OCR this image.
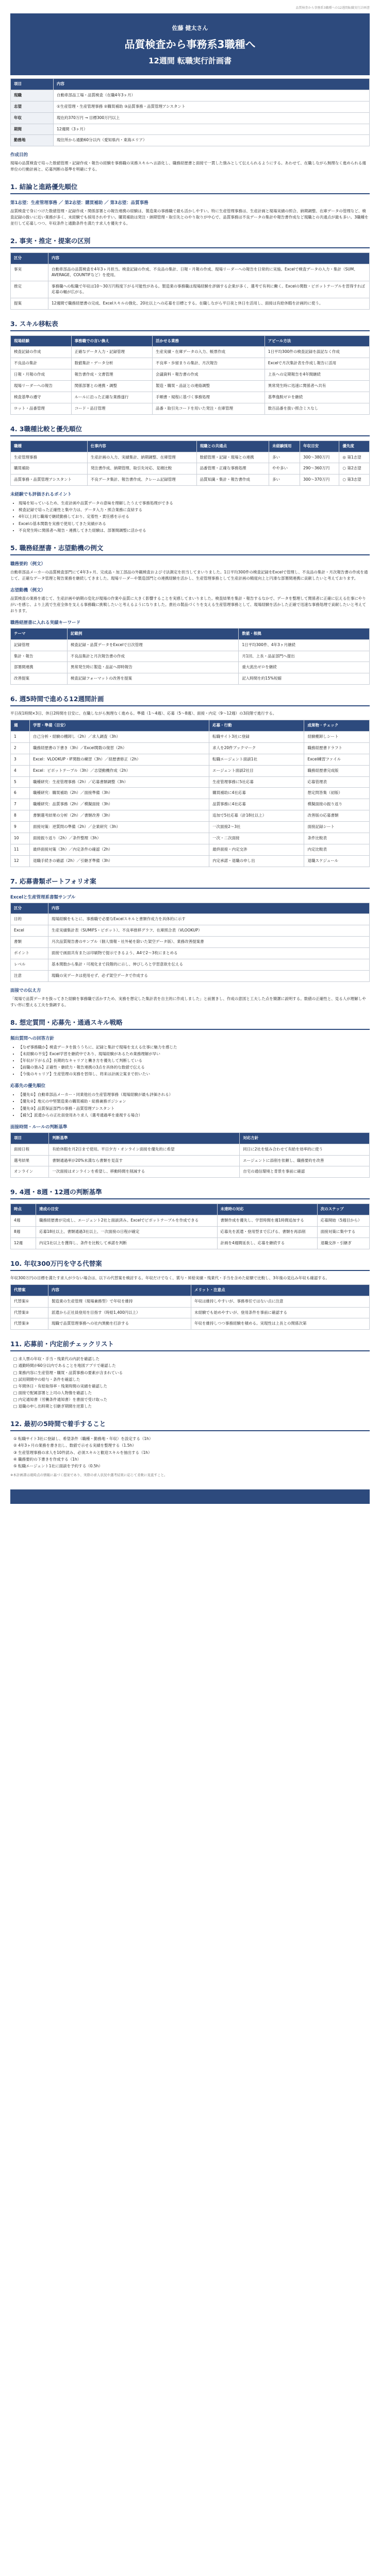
品質検査から事務系3職種への12週間転職実行計画書
佐藤 健太さん
品質検査から事務系3職種へ
12週間 転職実行計画書
項目	内容
現職	自動車部品工場・品質検査（在職4年3ヶ月）
志望	①生産管理・生産管理事務 ②購買補助 ③品質事務・品質管理アシスタント
年収	現在約370万円 → 目標300万円以上
期間	12週間（3ヶ月）
勤務地	現住所から通勤60分以内（愛知県内・東海エリア）
作成目的

現場の品質検査で培った数値管理・記録作成・報告の経験を事務職の実務スキルへ言語化し、職務経歴書と面接で一貫した強みとして伝えられるようにする。あわせて、在職しながら無理なく進められる週単位の行動計画と、応募判断の基準を明確にする。

1. 結論と進路優先順位
第1志望：生産管理事務 ／ 第2志望：購買補助 ／ 第3志望：品質事務

品質検査で身につけた数値管理・記録作成・関係部署との報告連携の経験は、製造業の事務職で最も活かしやすい。特に生産管理事務は、生産計画と現場実績の照合、納期調整、在庫データの管理など、検査記録の扱いに近い業務が多く、未経験でも採用されやすい。購買補助は発注・納期管理・取引先とのやり取りが中心で、品質事務は不良データの集計や報告書作成など現職との共通点が最も多い。3職種を並行して応募しつつ、年収条件と通勤条件を満たす求人を優先する。

2. 事実・推定・提案の区別
区分	内容
事実	自動車部品の品質検査を4年3ヶ月担当。検査記録の作成、不良品の集計、日報・月報の作成、現場リーダーへの報告を日常的に実施。Excelで検査データの入力・集計（SUM、AVERAGE、COUNTIFなど）を使用。
推定	事務職への転職で年収は10〜30万円程度下がる可能性がある。製造業の事務職は現場経験を評価する企業が多く、選考で有利に働く。Excelの関数・ピボットテーブルを習得すれば応募の幅が広がる。
提案	12週間で職務経歴書の完成、Excelスキルの強化、20社以上への応募を目標とする。在職しながら平日夜と休日を活用し、面接は有給休暇を計画的に使う。
3. スキル移転表
現場経験	事務職での言い換え	活かせる業務	アピール方法
検査記録の作成	正確なデータ入力・記録管理	生産実績・在庫データの入力、帳票作成	1日平均300件の検査記録を誤記なく作成
不良品の集計	数値集計・データ分析	不良率・歩留まりの集計、月次報告	Excelで月次集計表を作成し報告に活用
日報・月報の作成	報告書作成・文書管理	会議資料・報告書の作成	上長への定期報告を4年間継続
現場リーダーへの報告	関係部署との連携・調整	製造・購買・品証との連絡調整	異常発生時に迅速に関係者へ共有
検査基準の遵守	ルールに沿った正確な業務遂行	手順書・規程に基づく事務処理	基準逸脱ゼロを継続
ロット・品番管理	コード・品目管理	品番・取引先コードを用いた発注・在庫管理	数百品番を扱い照合ミスなし
4. 3職種比較と優先順位
職種	仕事内容	現職との共通点	未経験採用	年収目安	優先度
生産管理事務	生産計画の入力、実績集計、納期調整、在庫管理	数値管理・記録・現場との連携	多い	300〜380万円	◎ 第1志望
購買補助	発注書作成、納期管理、取引先対応、見積比較	品番管理・正確な事務処理	やや多い	290〜360万円	○ 第2志望
品質事務・品質管理アシスタント	不良データ集計、報告書作成、クレーム記録管理	品質知識・集計・報告書作成	多い	300〜370万円	○ 第3志望
未経験でも評価されるポイント
• 現場を知っているため、生産計画や品質データの意味を理解したうえで事務処理ができる
• 検査記録で培った正確性と集中力は、データ入力・照合業務に直結する
• 4年以上同じ職場で継続勤務しており、定着性・責任感を示せる
• Excelの基本関数を実務で使用してきた実績がある
• 不良発生時に関係者へ報告・連携してきた経験は、部署間調整に活かせる
5. 職務経歴書・志望動機の例文
職務要約（例文）

自動車部品メーカーの品質検査部門にて4年3ヶ月、完成品・加工部品の外観検査および寸法測定を担当してまいりました。1日平均300件の検査記録をExcelで管理し、不良品の集計・月次報告書の作成を通じて、正確なデータ管理と報告業務を継続してきました。現場リーダーや製造部門との連携経験を活かし、生産管理事務として生産計画の精度向上と円滑な部署間連携に貢献したいと考えております。

志望動機（例文）

品質検査の業務を通じて、生産計画や納期の変化が現場の作業や品質に大きく影響することを実感してまいりました。検査結果を集計・報告するなかで、データを整理して関係者に正確に伝える仕事にやりがいを感じ、より上流で生産全体を支える事務職に挑戦したいと考えるようになりました。貴社の製品づくりを支える生産管理事務として、現場経験を活かした正確で迅速な事務処理で貢献したいと考えております。

職務経歴書に入れる実績キーワード
テーマ	記載例	数値・根拠
記録管理	検査記録・品質データをExcelで日次管理	1日平均300件、4年3ヶ月継続
集計・報告	不良品集計と月次報告書の作成	月1回、上長・品証部門へ提出
部署間連携	異常発生時に製造・品証へ即時報告	重大流出ゼロを継続
改善提案	検査記録フォーマットの改善を提案	記入時間を約15%短縮
6. 週5時間で進める12週間計画

平日夜1時間×3日、休日2時間を目安に、在職しながら無理なく進める。準備（1〜4週）、応募（5〜8週）、面接・内定（9〜12週）の3段階で進行する。

週	学習・準備（目安）	応募・行動	成果物・チェック
1	自己分析・経験の棚卸し（2h）／求人調査（3h）	転職サイト3社に登録	経験棚卸しシート
2	職務経歴書の下書き（3h）／Excel関数の復習（2h）	求人を20件ブックマーク	職務経歴書ドラフト
3	Excel：VLOOKUP・IF関数の練習（3h）／経歴書修正（2h）	転職エージェント面談1社	Excel練習ファイル
4	Excel：ピボットテーブル（3h）／志望動機作成（2h）	エージェント面談2社目	職務経歴書完成版
5	職種研究：生産管理事務（2h）／応募書類調整（3h）	生産管理事務に5社応募	応募管理表
6	職種研究：購買補助（2h）／面接準備（3h）	購買補助に4社応募	想定問答集（初版）
7	職種研究：品質事務（2h）／模擬面接（3h）	品質事務に4社応募	模擬面接の振り返り
8	書類選考結果の分析（2h）／書類改善（3h）	追加で5社応募（計18社以上）	改善版の応募書類
9	面接対策：逆質問の準備（2h）／企業研究（3h）	一次面接2〜3社	面接記録シート
10	面接振り返り（2h）／条件整理（3h）	一次・二次面接	条件比較表
11	最終面接対策（3h）／内定条件の確認（2h）	最終面接・内定交渉	内定比較表
12	退職手続きの確認（2h）／引継ぎ準備（3h）	内定承諾・退職の申し出	退職スケジュール
7. 応募書類ポートフォリオ案
Excelと生産管理系書類サンプル
区分	内容
目的	現場経験をもとに、事務職で必要なExcelスキルと書類作成力を具体的に示す
Excel	生産実績集計表（SUMIFS・ピボット）、不良率推移グラフ、在庫照合表（VLOOKUP）
書類	月次品質報告書のサンプル（個人情報・社外秘を除いた架空データ版）、業務改善提案書
ポイント	面接で画面共有または印刷物で提示できるよう、A4で2〜3枚にまとめる
レベル	基本関数から集計・可視化まで段階的に示し、伸びしろと学習意欲を伝える
注意	現職の実データは使用せず、必ず架空データで作成する
面接での伝え方

「現場で品質データを扱ってきた経験を事務職で活かすため、実務を想定した集計表を自主的に作成しました」と前置きし、作成の意図と工夫した点を簡潔に説明する。数値の正確性と、見る人が理解しやすい形に整える工夫を強調する。

8. 想定質問・応募先・通過スキル戦略
頻出質問への回答方針
• 【なぜ事務職か】検査データを扱ううちに、記録と集計で現場を支える仕事に魅力を感じた
• 【未経験の不安】Excel学習を継続中であり、現場経験があるため業務理解が早い
• 【年収が下がる点】長期的なキャリアと働き方を優先して判断している
• 【前職の強み】正確性・継続力・報告連携の3点を具体的な数値で伝える
• 【今後のキャリア】生産管理の実務を習得し、将来は計画立案まで担いたい
応募先の優先順位
• 【優先①】自動車部品メーカー・同業他社の生産管理事務（現場経験が最も評価される）
• 【優先②】地元の中堅製造業の購買補助・総務兼務ポジション
• 【優先③】品質保証部門の事務・品質管理アシスタント
• 【補欠】派遣からの正社員登用あり求人（選考通過率を重視する場合）
面接時間・ルールの判断基準
項目	判断基準	対応方針
面接日程	有給休暇を月2日まで使用。平日夕方・オンライン面接を優先的に希望	同日に2社を組み合わせて有給を効率的に使う
選考結果	書類通過率が20%未満なら書類を見直す	エージェントに添削を依頼し、職務要約を改善
オンライン	一次面接はオンラインを希望し、移動時間を削減する	自宅の通信環境と背景を事前に確認
9. 4週・8週・12週の判断基準
時点	達成の目安	未達時の対応	次のステップ
4週	職務経歴書が完成し、エージェント2社と面談済み。Excelでピボットテーブルを作成できる	書類作成を優先し、学習時間を週1時間追加する	応募開始（5週目から）
8週	応募18社以上、書類通過3社以上、一次面接の日程が確定	応募先を派遣・登用型まで広げる、書類を再添削	面接対策に集中する
12週	内定1社以上を獲得し、条件を比較して承諾を判断	計画を4週間延長し、応募を継続する	退職交渉・引継ぎ
10. 年収300万円を守る代替案

年収300万円の目標を満たす求人が少ない場合は、以下の代替案を検討する。年収だけでなく、賞与・昇給実績・残業代・手当を含めた総額で比較し、3年後の見込み年収も確認する。

代替案	内容	メリット・注意点
代替案①	製造業の生産管理（現場兼務型）で年収を維持	年収は維持しやすいが、事務専任ではない点に注意
代替案②	派遣から正社員登用を目指す（時給1,400円以上）	未経験でも始めやすいが、登用条件を事前に確認する
代替案③	現職で品質管理事務への社内異動を打診する	年収を維持しつつ事務経験を積める。実現性は上長との関係次第
11. 応募前・内定前チェックリスト
□ 求人票の年収・手当・残業代の内訳を確認した
□ 通勤時間が60分以内であることを地図アプリで確認した
□ 業務内容に生産管理・購買・品質事務の要素が含まれている
□ 試用期間中の給与・条件を確認した
□ 年間休日・有給取得率・残業時間の実績を確認した
□ 面接で配属部署と上司の人物像を確認した
□ 内定通知書（労働条件通知書）を書面で受け取った
□ 退職の申し出時期と引継ぎ期間を逆算した
12. 最初の5時間で着手すること
① 転職サイト3社に登録し、希望条件（職種・勤務地・年収）を設定する（1h）
② 4年3ヶ月の業務を書き出し、数値で示せる実績を整理する（1.5h）
③ 生産管理事務の求人を10件読み、必須スキルと歓迎スキルを抽出する（1h）
④ 職務要約の下書きを作成する（1h）
⑤ 転職エージェント1社に面談を予約する（0.5h）
※本計画書は現時点の情報に基づく提案であり、実際の求人状況や選考結果に応じて柔軟に見直すこと。
